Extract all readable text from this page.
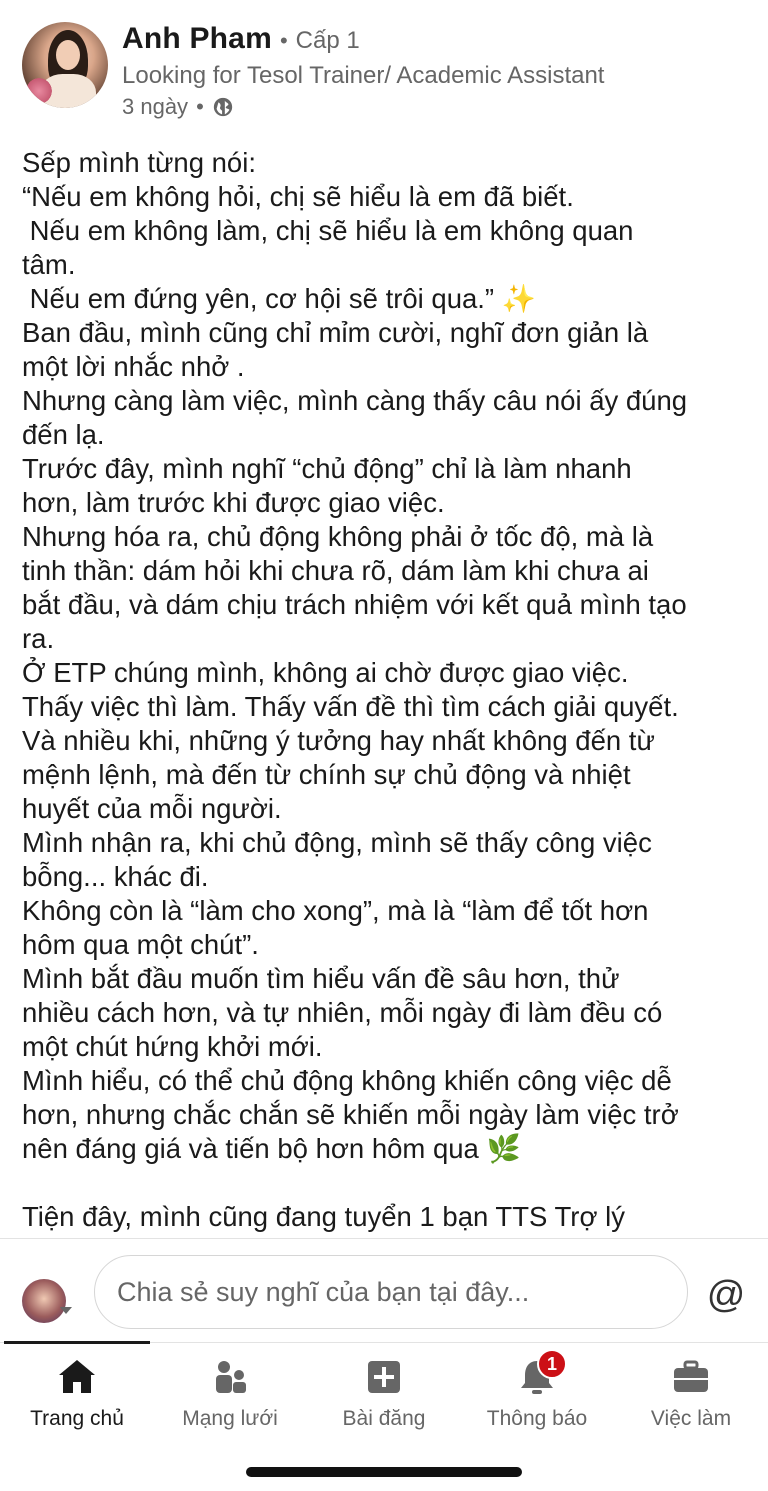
Anh Pham • Cấp 1
Looking for Tesol Trainer/ Academic Assistant
3 ngày •

Sếp mình từng nói:

“Nếu em không hỏi, chị sẽ hiểu là em đã biết.

Nếu em không làm, chị sẽ hiểu là em không quan

tâm.

Nếu em đứng yên, cơ hội sẽ trôi qua.” ✨

Ban đầu, mình cũng chỉ mỉm cười, nghĩ đơn giản là

một lời nhắc nhở .

Nhưng càng làm việc, mình càng thấy câu nói ấy đúng

đến lạ.

Trước đây, mình nghĩ “chủ động” chỉ là làm nhanh

hơn, làm trước khi được giao việc.

Nhưng hóa ra, chủ động không phải ở tốc độ, mà là

tinh thần: dám hỏi khi chưa rõ, dám làm khi chưa ai

bắt đầu, và dám chịu trách nhiệm với kết quả mình tạo

ra.

Ở ETP chúng mình, không ai chờ được giao việc.

Thấy việc thì làm. Thấy vấn đề thì tìm cách giải quyết.

Và nhiều khi, những ý tưởng hay nhất không đến từ

mệnh lệnh, mà đến từ chính sự chủ động và nhiệt

huyết của mỗi người.

Mình nhận ra, khi chủ động, mình sẽ thấy công việc

bỗng... khác đi.

Không còn là “làm cho xong”, mà là “làm để tốt hơn

hôm qua một chút”.

Mình bắt đầu muốn tìm hiểu vấn đề sâu hơn, thử

nhiều cách hơn, và tự nhiên, mỗi ngày đi làm đều có

một chút hứng khởi mới.

Mình hiểu, có thể chủ động không khiến công việc dễ

hơn, nhưng chắc chắn sẽ khiến mỗi ngày làm việc trở

nên đáng giá và tiến bộ hơn hôm qua 🌿

Tiện đây, mình cũng đang tuyển 1 bạn TTS Trợ lý

Chia sẻ suy nghĩ của bạn tại đây...
@
Trang chủ	Mạng lưới	Bài đăng
1
Thông báo	Việc làm
